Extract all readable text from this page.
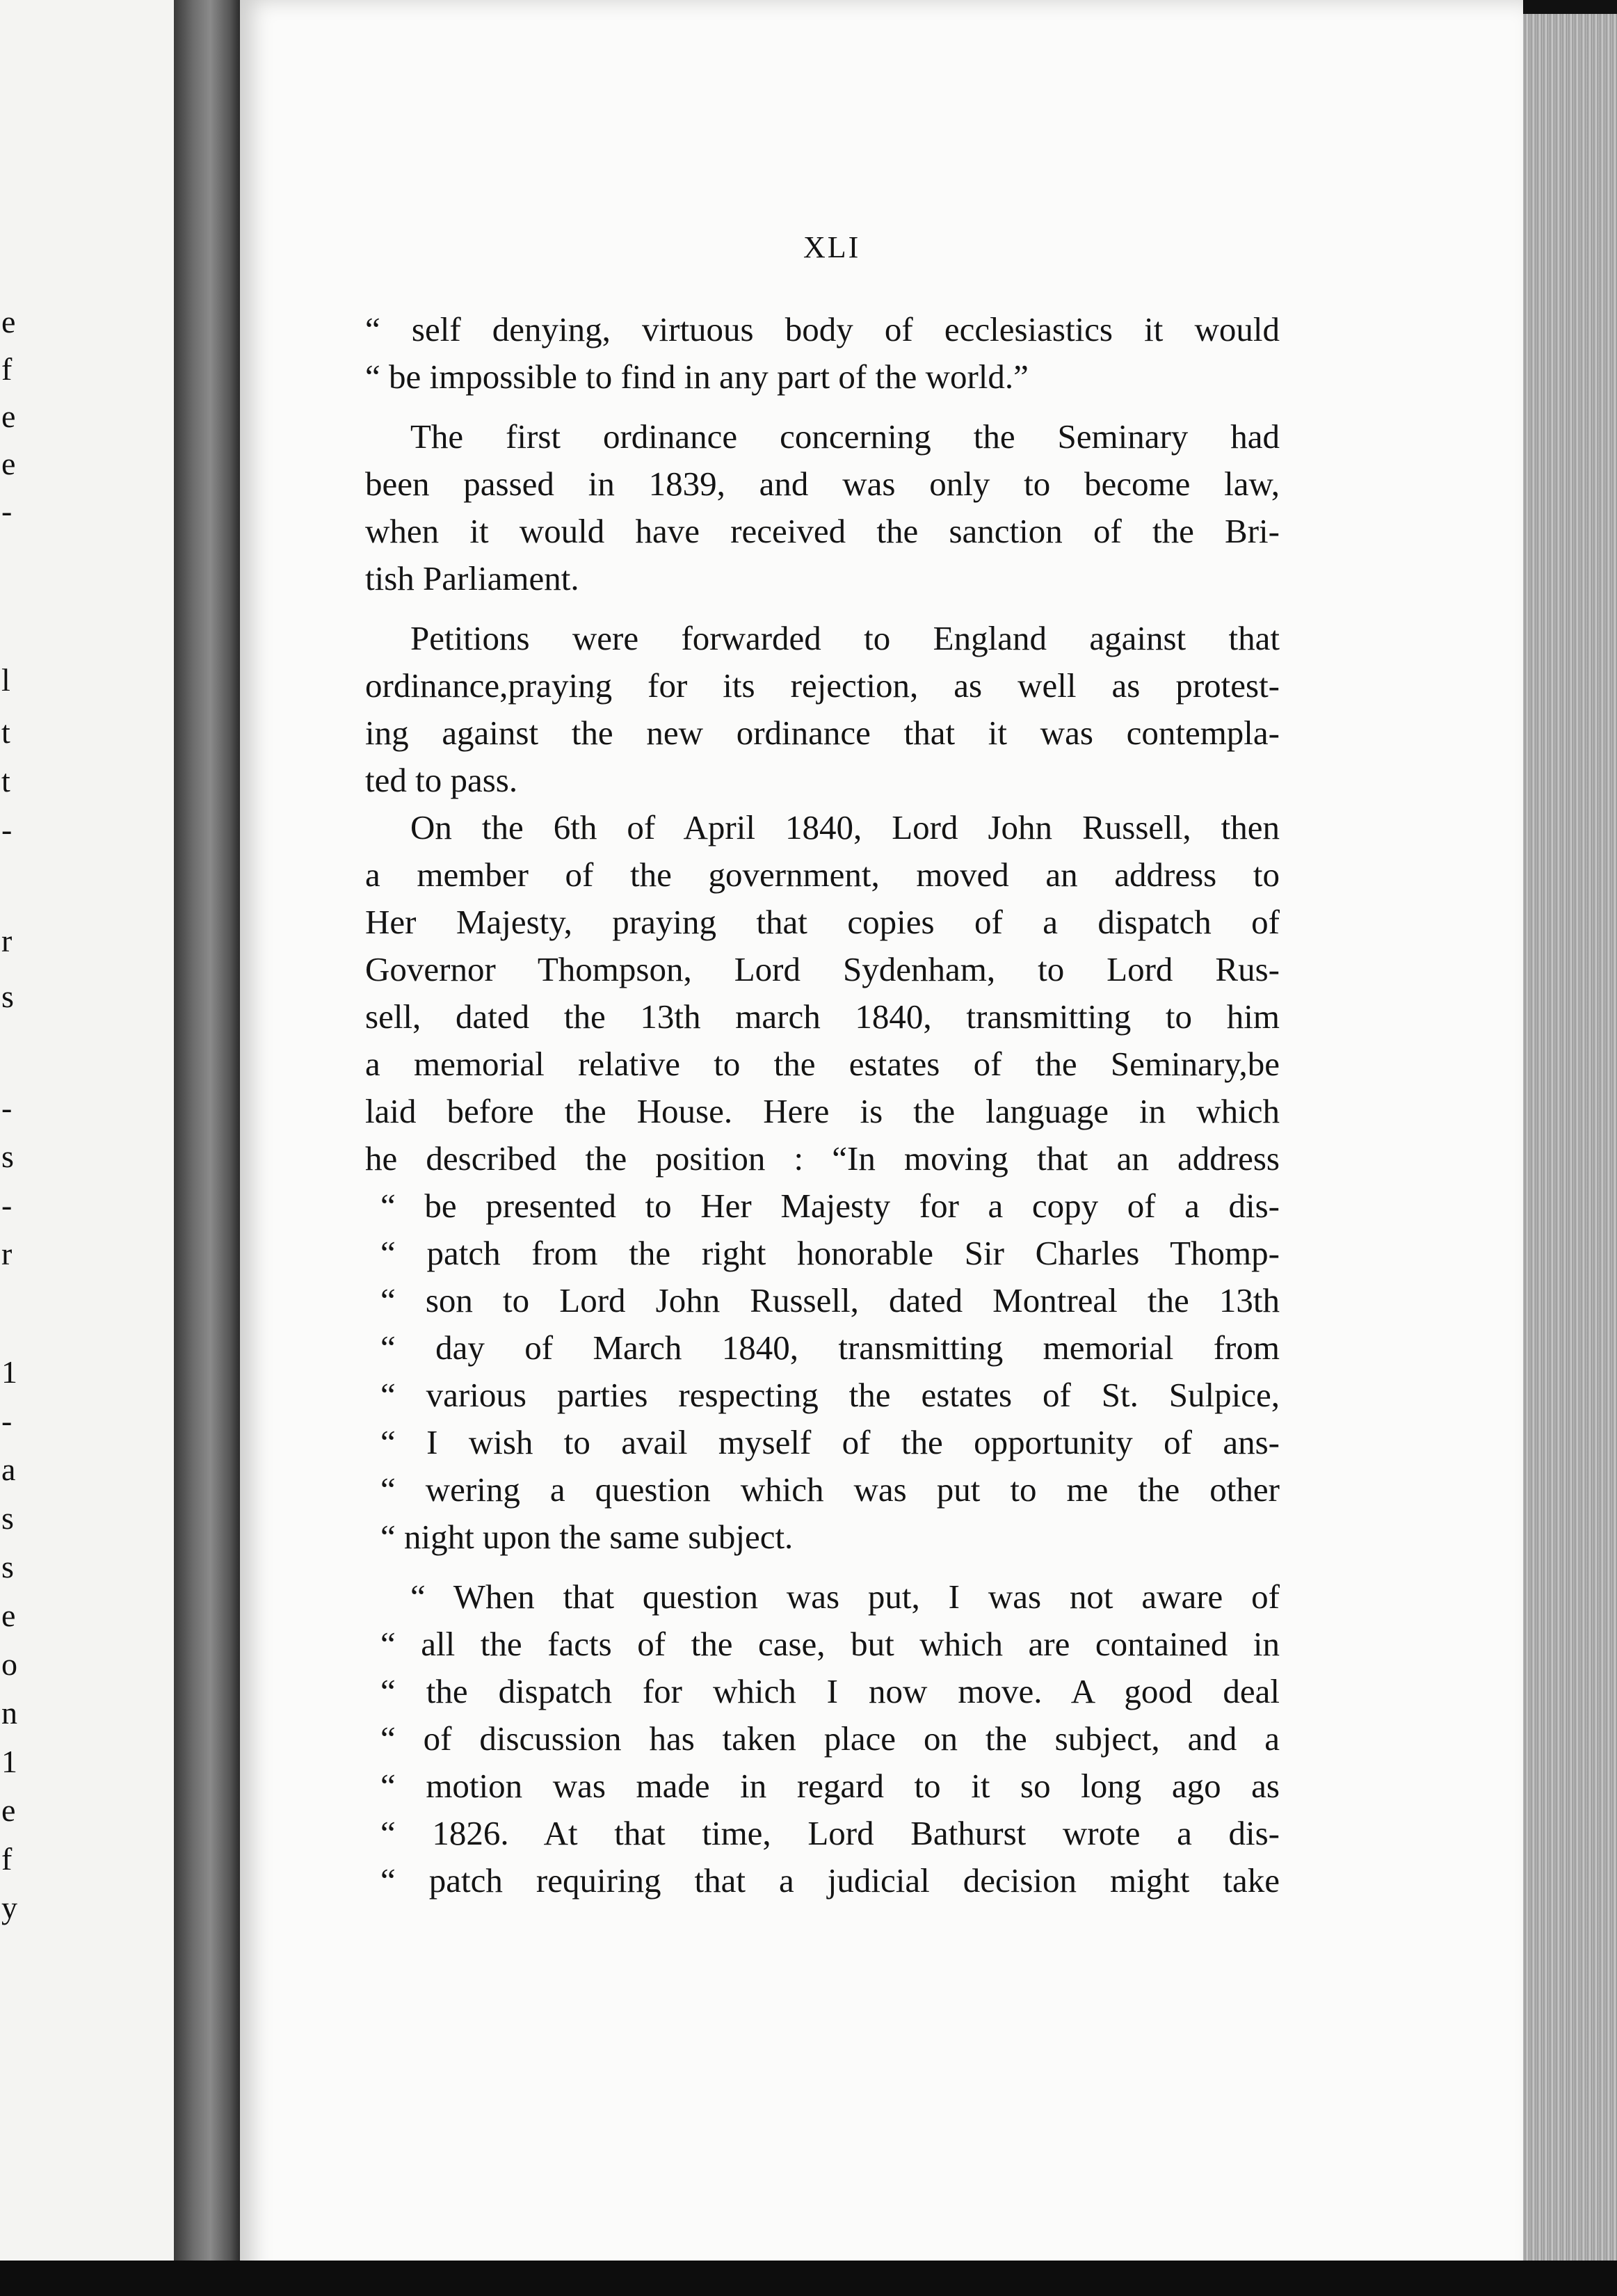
e
f
e
e
-
l
t
t
-
r
s
-
s
-
r
1
-
a
s
s
e
o
n
1
e
f
y
XLI
“ self denying, virtuous body of ecclesiastics it would
“ be impossible to find in any part of the world.”
The first ordinance concerning the Seminary had
been passed in 1839, and was only to become law,
when it would have received the sanction of the Bri-
tish Parliament.
Petitions were forwarded to England against that
ordinance,praying for its rejection, as well as protest-
ing against the new ordinance that it was contempla-
ted to pass.
On the 6th of April 1840, Lord John Russell, then
a member of the government, moved an address to
Her Majesty, praying that copies of a dispatch of
Governor Thompson, Lord Sydenham, to Lord Rus-
sell, dated the 13th march 1840, transmitting to him
a memorial relative to the estates of the Seminary,be
laid before the House. Here is the language in which
he described the position : “In moving that an address
“ be presented to Her Majesty for a copy of a dis-
“ patch from the right honorable Sir Charles Thomp-
“ son to Lord John Russell, dated Montreal the 13th
“ day of March 1840, transmitting memorial from
“ various parties respecting the estates of St. Sulpice,
“ I wish to avail myself of the opportunity of ans-
“ wering a question which was put to me the other
“ night upon the same subject.
“ When that question was put, I was not aware of
“ all the facts of the case, but which are contained in
“ the dispatch for which I now move. A good deal
“ of discussion has taken place on the subject, and a
“ motion was made in regard to it so long ago as
“ 1826. At that time, Lord Bathurst wrote a dis-
“ patch requiring that a judicial decision might take
